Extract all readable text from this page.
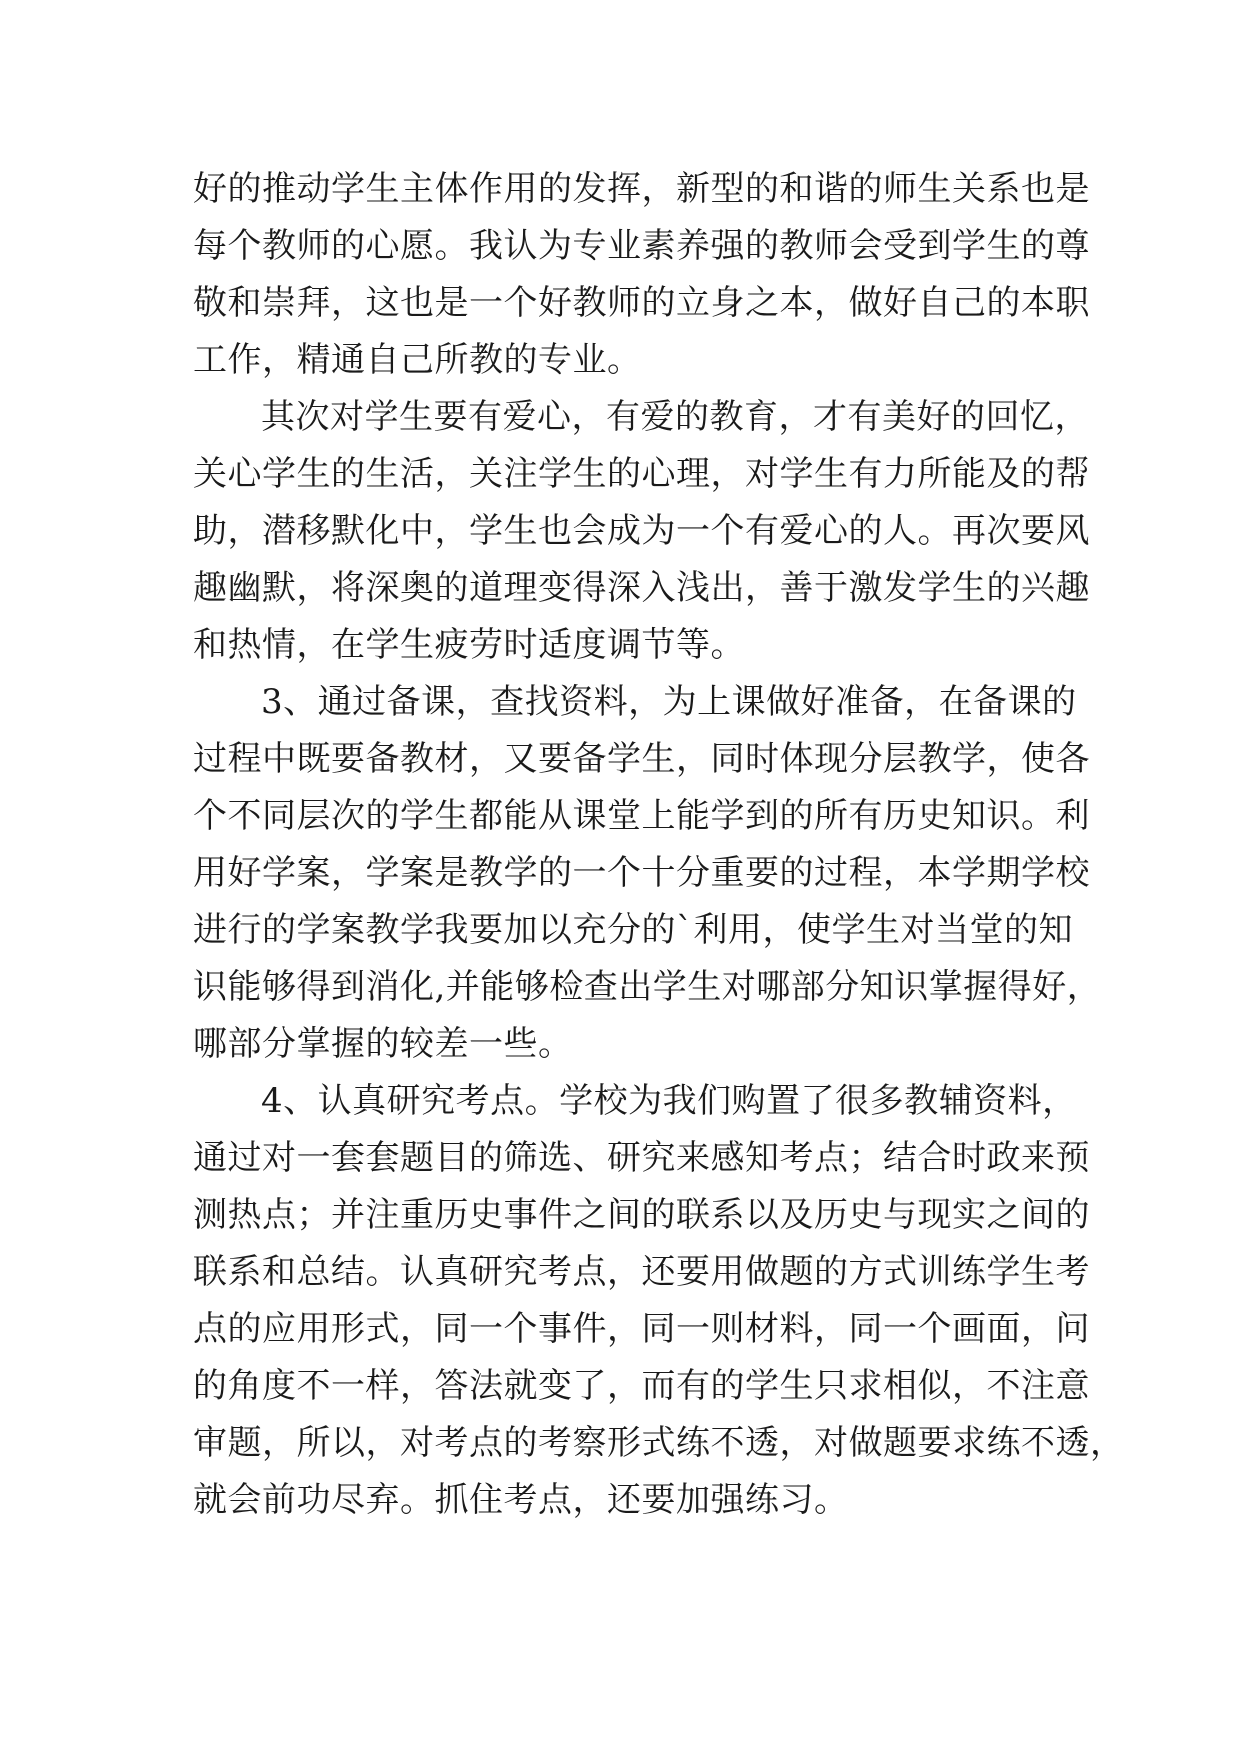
好的推动学生主体作用的发挥，新型的和谐的师生关系也是
每个教师的心愿。我认为专业素养强的教师会受到学生的尊
敬和崇拜，这也是一个好教师的立身之本，做好自己的本职
工作，精通自己所教的专业。
其次对学生要有爱心，有爱的教育，才有美好的回忆，
关心学生的生活，关注学生的心理，对学生有力所能及的帮
助，潜移默化中，学生也会成为一个有爱心的人。再次要风
趣幽默，将深奥的道理变得深入浅出，善于激发学生的兴趣
和热情，在学生疲劳时适度调节等。
3、通过备课，查找资料，为上课做好准备，在备课的
过程中既要备教材，又要备学生，同时体现分层教学，使各
个不同层次的学生都能从课堂上能学到的所有历史知识。利
用好学案，学案是教学的一个十分重要的过程，本学期学校
进行的学案教学我要加以充分的`利用，使学生对当堂的知
识能够得到消化,并能够检查出学生对哪部分知识掌握得好，
哪部分掌握的较差一些。
4、认真研究考点。学校为我们购置了很多教辅资料，
通过对一套套题目的筛选、研究来感知考点；结合时政来预
测热点；并注重历史事件之间的联系以及历史与现实之间的
联系和总结。认真研究考点，还要用做题的方式训练学生考
点的应用形式，同一个事件，同一则材料，同一个画面，问
的角度不一样，答法就变了，而有的学生只求相似，不注意
审题，所以，对考点的考察形式练不透，对做题要求练不透，
就会前功尽弃。抓住考点，还要加强练习。
